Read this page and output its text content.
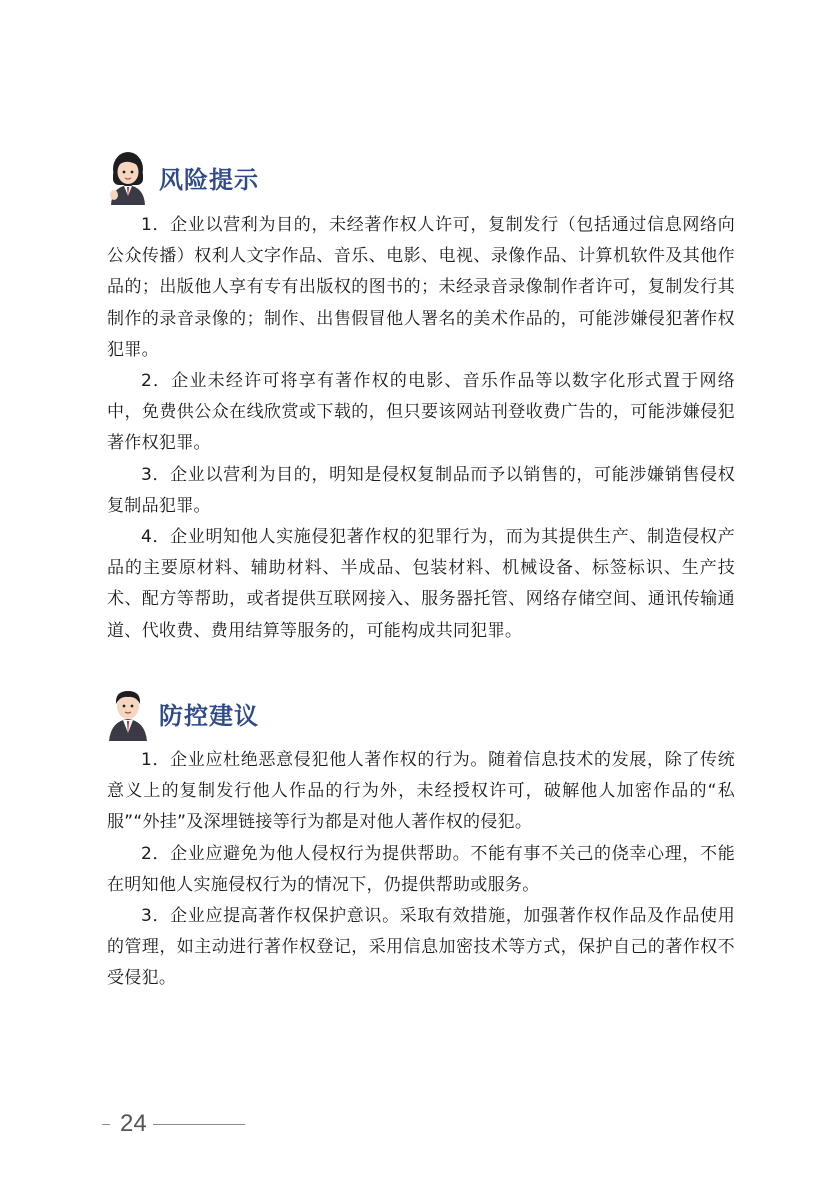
风险提示

1．企业以营利为目的，未经著作权人许可，复制发行（包括通过信息网络向公众传播）权利人文字作品、音乐、电影、电视、录像作品、计算机软件及其他作品的；出版他人享有专有出版权的图书的；未经录音录像制作者许可，复制发行其制作的录音录像的；制作、出售假冒他人署名的美术作品的，可能涉嫌侵犯著作权犯罪。

2．企业未经许可将享有著作权的电影、音乐作品等以数字化形式置于网络中，免费供公众在线欣赏或下载的，但只要该网站刊登收费广告的，可能涉嫌侵犯著作权犯罪。

3．企业以营利为目的，明知是侵权复制品而予以销售的，可能涉嫌销售侵权复制品犯罪。

4．企业明知他人实施侵犯著作权的犯罪行为，而为其提供生产、制造侵权产品的主要原材料、辅助材料、半成品、包装材料、机械设备、标签标识、生产技术、配方等帮助，或者提供互联网接入、服务器托管、网络存储空间、通讯传输通道、代收费、费用结算等服务的，可能构成共同犯罪。

防控建议

1．企业应杜绝恶意侵犯他人著作权的行为。随着信息技术的发展，除了传统意义上的复制发行他人作品的行为外，未经授权许可，破解他人加密作品的“私服”“外挂”及深埋链接等行为都是对他人著作权的侵犯。

2．企业应避免为他人侵权行为提供帮助。不能有事不关己的侥幸心理，不能在明知他人实施侵权行为的情况下，仍提供帮助或服务。

3．企业应提高著作权保护意识。采取有效措施，加强著作权作品及作品使用的管理，如主动进行著作权登记，采用信息加密技术等方式，保护自己的著作权不受侵犯。

24
